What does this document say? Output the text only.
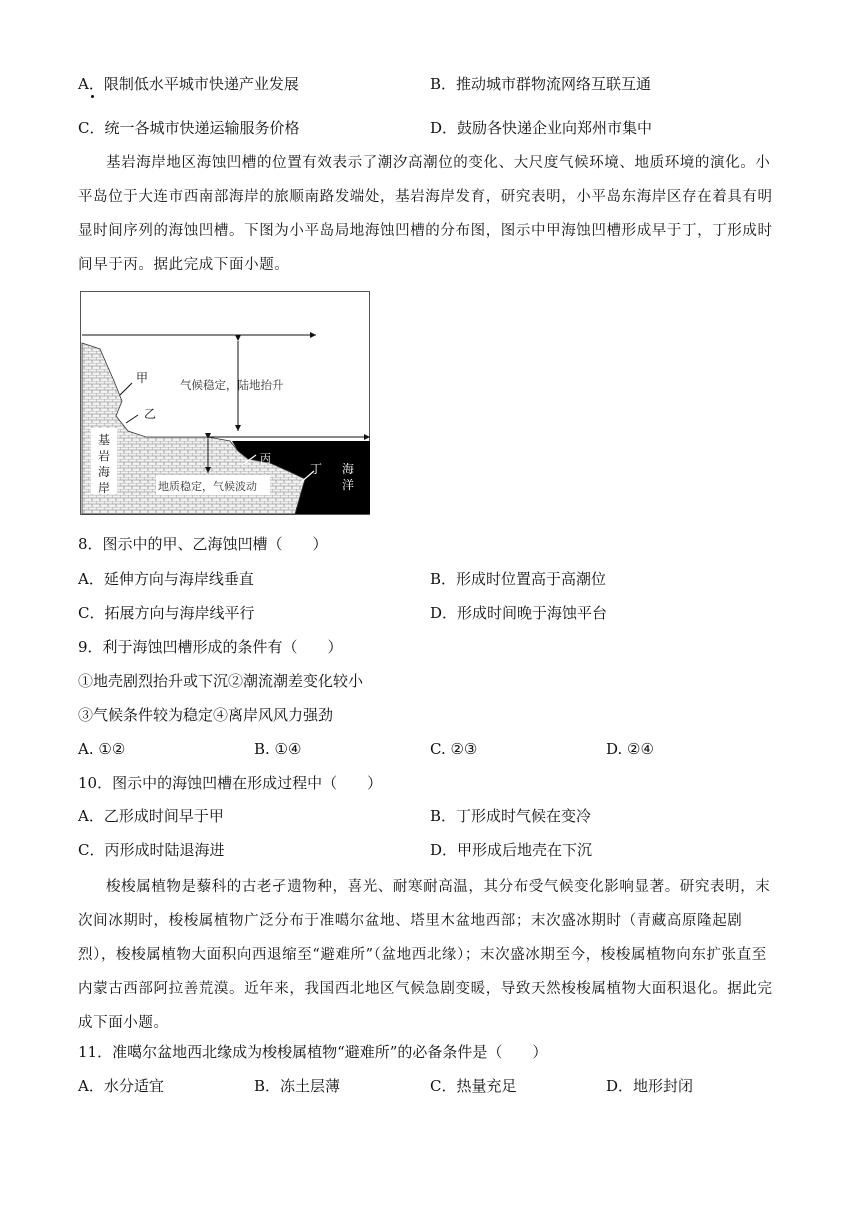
A．限制低水平城市快递产业发展	B．推动城市群物流网络互联互通
C．统一各城市快递运输服务价格	D．鼓励各快递企业向郑州市集中
基岩海岸地区海蚀凹槽的位置有效表示了潮汐高潮位的变化、大尺度气候环境、地质环境的演化。小平岛位于大连市西南部海岸的旅顺南路发端处，基岩海岸发育，研究表明，小平岛东海岸区存在着具有明显时间序列的海蚀凹槽。下图为小平岛局地海蚀凹槽的分布图，图示中甲海蚀凹槽形成早于丁，丁形成时间早于丙。据此完成下面小题。
甲
乙
丙
丁
气候稳定，陆地抬升
地质稳定，气候波动
基
岩
海
岸
海
洋
8．图示中的甲、乙海蚀凹槽（　　）
A．延伸方向与海岸线垂直	B．形成时位置高于高潮位
C．拓展方向与海岸线平行	D．形成时间晚于海蚀平台
9．利于海蚀凹槽形成的条件有（　　）
①地壳剧烈抬升或下沉②潮流潮差变化较小
③气候条件较为稳定④离岸风风力强劲
A. ①②	B. ①④	C. ②③	D. ②④
10．图示中的海蚀凹槽在形成过程中（　　）
A．乙形成时间早于甲	B．丁形成时气候在变冷
C．丙形成时陆退海进	D．甲形成后地壳在下沉
梭梭属植物是藜科的古老孑遗物种，喜光、耐寒耐高温，其分布受气候变化影响显著。研究表明，末次间冰期时，梭梭属植物广泛分布于准噶尔盆地、塔里木盆地西部；末次盛冰期时（青藏高原隆起剧烈），梭梭属植物大面积向西退缩至“避难所”（盆地西北缘）；末次盛冰期至今，梭梭属植物向东扩张直至内蒙古西部阿拉善荒漠。近年来，我国西北地区气候急剧变暖，导致天然梭梭属植物大面积退化。据此完成下面小题。
11．准噶尔盆地西北缘成为梭梭属植物“避难所”的必备条件是（　　）
A．水分适宜	B．冻土层薄	C．热量充足	D．地形封闭
